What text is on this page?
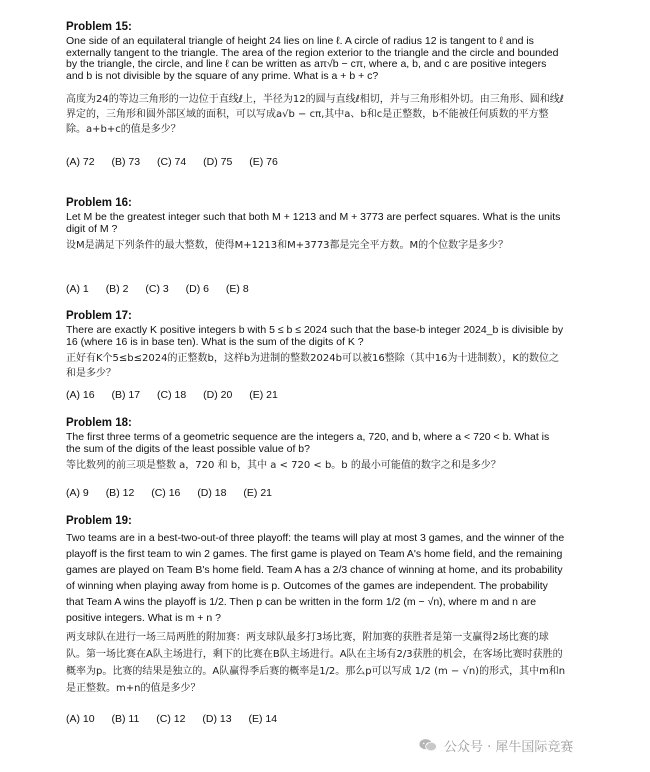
Problem 15:
One side of an equilateral triangle of height 24 lies on line ℓ. A circle of radius 12 is tangent to ℓ and is externally tangent to the triangle. The area of the region exterior to the triangle and the circle and bounded by the triangle, the circle, and line ℓ can be written as aπ√b − cπ, where a, b, and c are positive integers and b is not divisible by the square of any prime. What is a + b + c?
高度为24的等边三角形的一边位于直线ℓ上，半径为12的圆与直线ℓ相切，并与三角形相外切。由三角形、圆和线ℓ界定的，三角形和圆外部区域的面积，可以写成a√b − cπ,其中a、b和c是正整数，b不能被任何质数的平方整除。a+b+c的值是多少？
(A) 72 (B) 73 (C) 74 (D) 75 (E) 76
Problem 16:
Let M be the greatest integer such that both M + 1213 and M + 3773 are perfect squares. What is the units digit of M ?
设M是满足下列条件的最大整数，使得M+1213和M+3773都是完全平方数。M的个位数字是多少？
(A) 1 (B) 2 (C) 3 (D) 6 (E) 8
Problem 17:
There are exactly K positive integers b with 5 ≤ b ≤ 2024 such that the base-b integer 2024_b is divisible by 16 (where 16 is in base ten). What is the sum of the digits of K ?
正好有K个5≤b≤2024的正整数b，这样b为进制的整数2024b可以被16整除（其中16为十进制数），K的数位之和是多少？
(A) 16 (B) 17 (C) 18 (D) 20 (E) 21
Problem 18:
The first three terms of a geometric sequence are the integers a, 720, and b, where a < 720 < b. What is the sum of the digits of the least possible value of b?
等比数列的前三项是整数 a，720 和 b，其中 a < 720 < b。b 的最小可能值的数字之和是多少？
(A) 9 (B) 12 (C) 16 (D) 18 (E) 21
Problem 19:
Two teams are in a best-two-out-of three playoff: the teams will play at most 3 games, and the winner of the playoff is the first team to win 2 games. The first game is played on Team A's home field, and the remaining games are played on Team B's home field. Team A has a 2/3 chance of winning at home, and its probability of winning when playing away from home is p. Outcomes of the games are independent. The probability that Team A wins the playoff is 1/2. Then p can be written in the form 1/2 (m − √n), where m and n are positive integers. What is m + n ?
两支球队在进行一场三局两胜的附加赛：两支球队最多打3场比赛，附加赛的获胜者是第一支赢得2场比赛的球队。第一场比赛在A队主场进行，剩下的比赛在B队主场进行。A队在主场有2/3获胜的机会，在客场比赛时获胜的概率为p。比赛的结果是独立的。A队赢得季后赛的概率是1/2。那么p可以写成 1/2 (m − √n)的形式，其中m和n是正整数。m+n的值是多少？
(A) 10 (B) 11 (C) 12 (D) 13 (E) 14
公众号 · 犀牛国际竞赛
